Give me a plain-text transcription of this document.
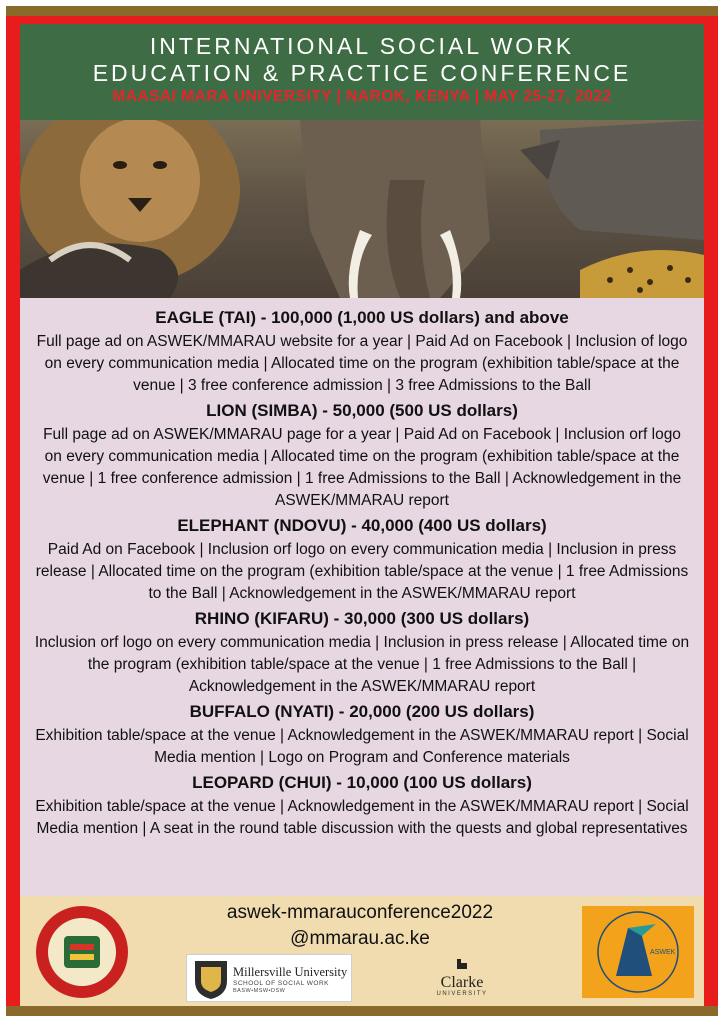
INTERNATIONAL SOCIAL WORK
EDUCATION & PRACTICE CONFERENCE
MAASAI MARA UNIVERSITY | NAROK, KENYA | MAY 25-27, 2022
EAGLE (TAI) - 100,000 (1,000 US dollars) and above
Full page ad on ASWEK/MMARAU website for a year | Paid Ad on Facebook | Inclusion of logo on every communication media | Allocated time on the program (exhibition table/space at the venue | 3 free conference admission | 3 free Admissions to the Ball
LION (SIMBA) - 50,000 (500 US dollars)
Full page ad on ASWEK/MMARAU page for a year | Paid Ad on Facebook | Inclusion orf logo on every communication media | Allocated time on the program (exhibition table/space at the venue | 1 free conference admission | 1 free Admissions to the Ball | Acknowledgement in the ASWEK/MMARAU report
ELEPHANT (NDOVU) - 40,000 (400 US dollars)
Paid Ad on Facebook | Inclusion orf logo on every communication media | Inclusion in press release | Allocated time on the program (exhibition table/space at the venue | 1 free Admissions to the Ball | Acknowledgement in the ASWEK/MMARAU report
RHINO (KIFARU) - 30,000 (300 US dollars)
Inclusion orf logo on every communication media | Inclusion in press release | Allocated time on the program (exhibition table/space at the venue | 1 free Admissions to the Ball | Acknowledgement in the ASWEK/MMARAU report
BUFFALO (NYATI) - 20,000 (200 US dollars)
Exhibition table/space at the venue | Acknowledgement in the ASWEK/MMARAU report | Social Media mention | Logo on Program and Conference materials
LEOPARD (CHUI) - 10,000 (100 US dollars)
Exhibition table/space at the venue | Acknowledgement in the ASWEK/MMARAU report | Social Media mention | A seat in the round table discussion with the quests and global representatives
aswek-mmarauconference2022
@mmarau.ac.ke
Millersville University
SCHOOL OF SOCIAL WORK
BASW•MSW•DSW	Clarke
UNIVERSITY
ASWEK
